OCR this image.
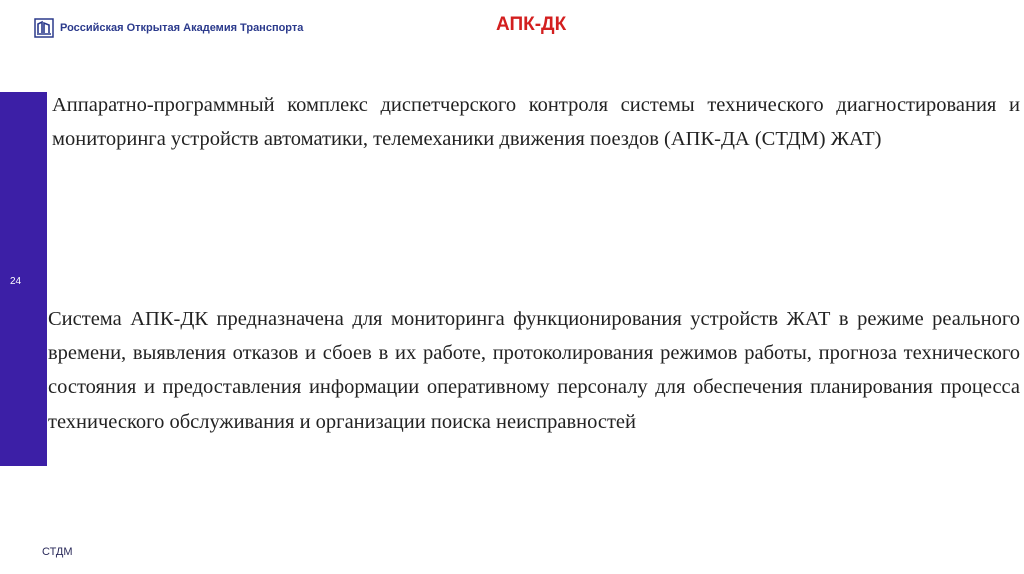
Российская Открытая Академия Транспорта	АПК-ДК
24

Аппаратно-программный комплекс диспетчерского контроля системы технического диагностирования и мониторинга устройств автоматики, телемеханики движения поездов (АПК-ДА (СТДМ) ЖАТ)

Система АПК-ДК предназначена для мониторинга функционирования устройств ЖАТ в режиме реального времени, выявления отказов и сбоев в их работе, протоколирования режимов работы, прогноза технического состояния и предоставления информации оперативному персоналу для обеспечения планирования процесса технического обслуживания и организации поиска неисправностей

СТДМ
